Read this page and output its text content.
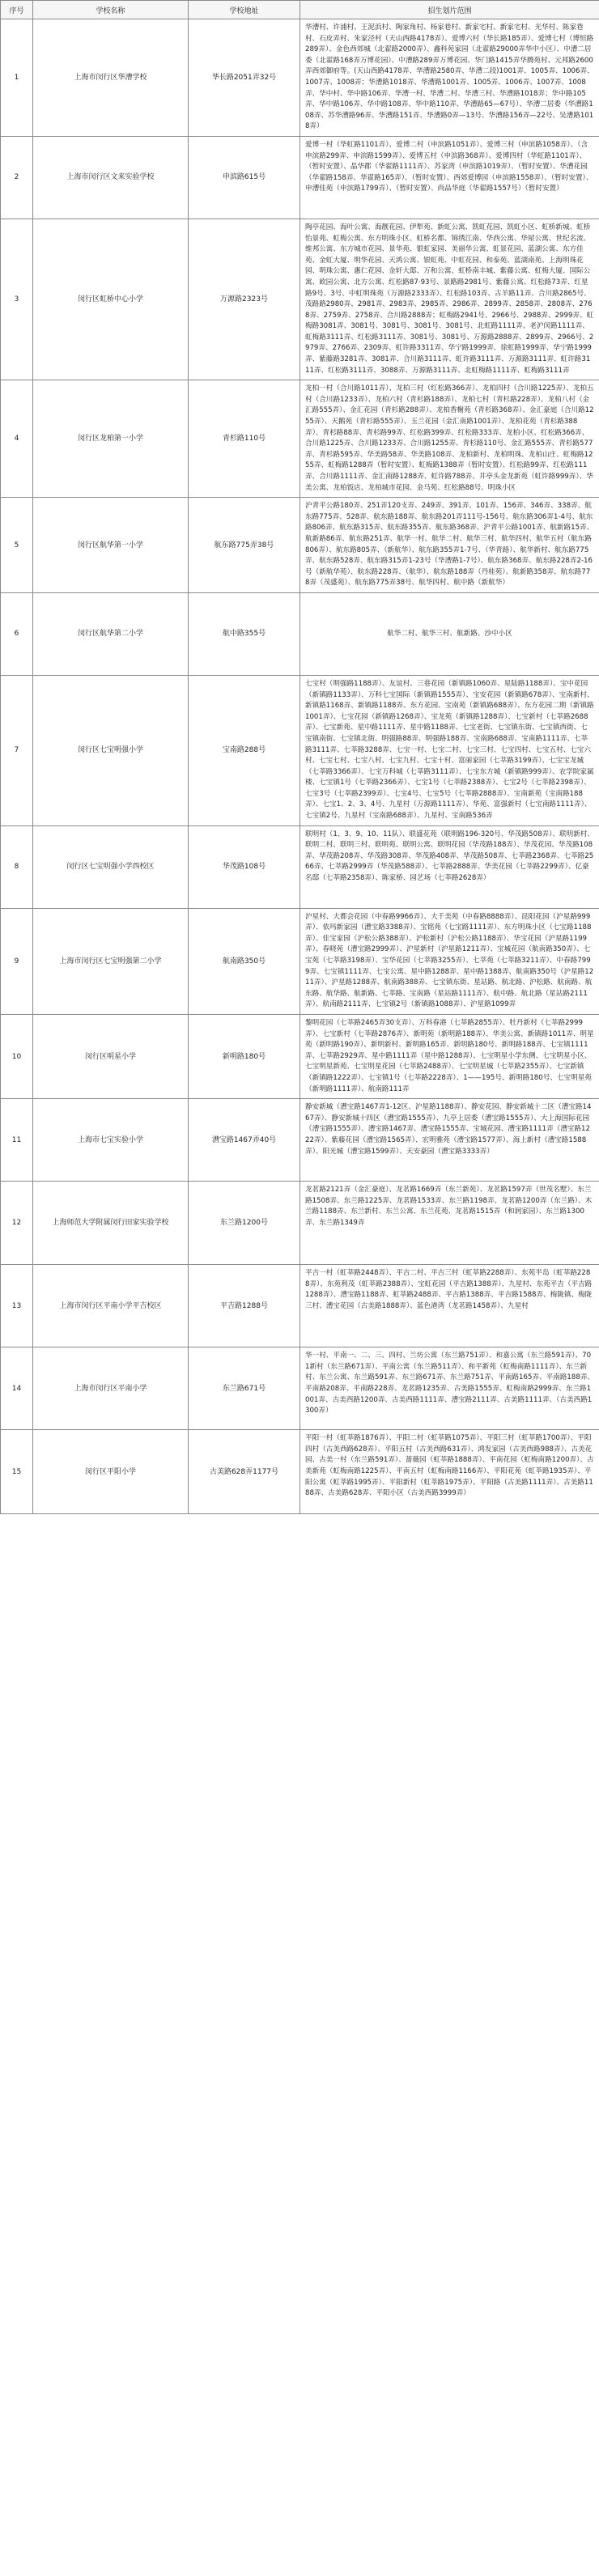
序号	学校名称	学校地址	招生划片范围

1	上海市闵行区华漕学校	华长路2051弄32号	华漕村、许浦村、王泥浜村、陶家角村、杨家巷村、新家宅村、新家宅村、光华村、陈家巷村、石皮弄村、朱家泾村（天山西路4178弄）、爱博六村（华长路185弄）、爱博七村（博恒路289弄）、金色西郊城（北翟路2000弄）、鑫科苑家园（北翟路29000弄华中小区）、中漕二居委（北翟路168弄万博花园）、中漕路289弄万博花园、华门路1415弄华腾苑村、元邦路2600弄西郊御府等。(天山西路4178弄、华漕路2580弄、华漕二段)1001弄、1005弄、1006弄、1007弄、1008弄；华漕路1018弄、华漕路1001弄、1005弄、1006弄、1007弄、1008弄、华中村、华中路106弄、华漕一村、华漕二村、华漕三村、华漕路1018弄；华中路105弄、华中路106弄、华中路108弄、华中路110弄、华漕路65—67号）、华漕二居委（华漕路108弄、苏华漕路96弄、华漕路151弄、华漕路0弄—13号、华漕路156弄—22号、吴漕路1018弄）

2	上海市闵行区文来实验学校	申滨路615号	爱博一村（华虹路1101弄）、爱博二村（申滨路1051弄）、爱博三村（申滨路1058弄）、（含申滨路299弄、申滨路1599弄）、爱博五村（申滨路368弄）、爱博四村（华虹路1101弄）、（暂时安置）、晶华郡（华翟路1111弄）、苏家湾（申滨路1019弄）、（暂时安置）、华漕花园（华翟路158弄、华翟路165弄）、（暂时安置）、西郊爱博园（申滨路1558弄）、（暂时安置）、申漕佳苑（申滨路1799弄）、（暂时安置）、尚品华庭（华翟路1557号）（暂时安置）

3	闵行区虹桥中心小学	万源路2323号	陶亭花园、海叶公寓、海靓花园、伊犁苑、新虹公寓、凯虹花园、凯虹小区、虹桥新城、虹桥怡景苑、虹梅公寓、东方明珠小区、虹桥名都、锦绣江南、华西公寓、华屋公寓、世纪名流、维邦公寓、东方城市花园、景华苑、银虹家园、美丽华公寓、虹景花园、蓝湖公寓、东方佳苑、金虹大厦、明华花园、天鸿公寓、银虹苑、中虹花园、和泰苑、蓝湖南苑、上海明珠花园、明珠公寓、惠仁花园、金轩大邸、万和公寓、虹桥南丰城、紫藤公寓、虹梅大厦、国际公寓、欧园公寓、北方公寓、红松路87·93号、景路路2981号、紫藤公寓、红松路73弄、红星路9号、3号、中虹明珠苑（万源路2333弄）、红松路103弄、古羊路11弄、合川路2865号、茂路路2980弄、2981弄、2983弄、2985弄、2986弄、2899弄、2858弄、2808弄、2768弄、2759弄、2758弄、合川路2888弄；虹梅路2941号、2966号、2988弄、2999弄、虹梅路3081弄、3081号、3081号、3081号、3081号、北虹路1111弄、老沪闵路1111弄、虹梅路3111弄、红松路3111弄、3081号、3081号、万源路2888弄、2899弄、2966号、2979弄、2766弄、2309弄、虹许路3311弄、华宁路1999弄、徐虹路1999弄、华宁路1999弄、紫藤路3281弄、3081弄、合川路3111弄、虹许路3111弄、万源路3111弄、虹许路3111弄、红松路3111弄、3088弄、万源路3111弄、北虹梅路1111弄、虹梅路3111弄

4	闵行区龙柏第一小学	青杉路110号	龙柏一村（合川路1011弄）、龙柏三村（红松路366弄）、龙柏四村（合川路1225弄）、龙柏五村（合川路1233弄）、龙柏六村（青杉路188弄）、龙柏七村（青杉路228弄）、龙柏八村（金汇路555弄）、金汇花园（青杉路288弄）、龙柏香榭苑（青杉路368弄）、金汇豪庭（合川路1255弄）、天鹅苑（青杉路555弄）、玉兰花园（金汇南路1001弄）、龙柏花苑（青杉路388弄）、青杉路88弄、青杉路99弄、红松路399弄、红松路333弄、龙柏小区、红松路366弄、合川路1225弄、合川路1233弄、合川路1255弄、青杉路110号、金汇路555弄、青杉路577弄、青杉路595弄、华美路58弄、华美路108弄、龙柏新村、龙柏明珠、龙柏山庄、虹梅路1255弄、虹梅路1288弄（暂时安置）、虹梅路1388弄（暂时安置）、红松路99弄、红松路111弄、合川路1111弄、金汇南路1288弄、虹许路788弄、井亭头金龙新苑（虹许路999弄）、华美公寓、龙柏饭店、龙柏城市花园、金马苑、红松路88号、明珠小区

5	闵行区航华第一小学	航东路775弄38号	沪青平公路180弄、251弄120支弄、249弄、391弄、101弄、156弄、346弄、338弄、航东路775弄、528弄、航东路188弄、航东路201弄111号-156号、航东路306弄1-4号、航东路806弄、航东路315弄、航东路355弄、航东路368弄、沪青平公路1001弄、航新路15弄、航新路86弄、航东路251弄、航华一村、航华二村、航华三村、航华四村、航华五村（航东路806弄）、航东路805弄、（新航华）、航东路355弄1-7号、（华青路）、航华新村、航东路775弄、航东路528弄、航东路315弄1-23号（华漕路1-7号）、航东路368弄、航东路228弄2-16号（新航华苑）、航东路228弄、（航华）、航东路188弄（丹桂苑）、航新路358弄、航东路778弄（茂盛苑）、航东路775弄38号、航华四村、航中路（新航华）

6	闵行区航华第二小学	航中路355号	航华二村、航华三村、航新路、沙中小区

7	闵行区七宝明强小学	宝南路288号	七宝村（明强路1188弄）、友谊村、三巷花园（新镇路1060弄、星陆路1188弄）、宝中花园（新镇路1133弄）、万科七宝国际（新镇路1555弄）、宝安花园（新镇路678弄）、宝南新村、新镇路1168弄、新镇路1188弄、东方花园、宝南苑（新镇路688弄）、东方花园二期（新镇路1001弄）、七宝花园（新镇路1268弄）、宝龙苑（新镇路1288弄）、七宝新村（七莘路2688弄）、七宝新苑、星中路1111弄、星中路1188弄、七宝老街、七宝镇东街、七宝镇西街、七宝镇南街、七宝镇北街、明强路88弄、明强路188弄、宝南路688弄、宝南路1111弄、七莘路3111弄、七莘路3288弄、七宝一村、七宝二村、七宝三村、七宝四村、七宝五村、七宝六村、七宝七村、七宝八村、七宝九村、七宝十村、富丽家园（七莘路3199弄）、七宝宝龙城（七莘路3366弄）、七宝万科城（七莘路3111弄）、七宝东方城（新镇路999弄）、农学院家属楼、七宝镇1号（七莘路2366弄）、七宝1号（七莘路2388弄）、七宝2号（七莘路2398弄）、七宝3号（七莘路2399弄）、七宝4号、七宝5号（七莘路2888弄）、宝南新苑（宝南路188弄）、七宝1、2、3、4号、九星村（万源路1111弄）、华苑、富强新村（七宝南路1111弄）、七宝镇2号、九星村（宝南路688弄）、九星村、宝南路536弄

8	闵行区七宝明强小学西校区	华茂路108号	联明村（1、3、9、10、11队）、联盛花苑（联明路196-320号、华茂路508弄）、联明新村、联明二村、联明三村、联明苑、联明公寓、联明花园（华茂路188弄）、华茂花园、华茂路108弄、华茂路208弄、华茂路308弄、华茂路408弄、华茂路508弄、七莘路2368弄、七莘路2566弄、七莘路2999弄（华茂路588弄）、七莘路2888弄、华美花园（七莘路2299弄）、亿豪名邸（七莘路2358弄）、陈家桥、园艺场（七莘路2628弄）

9	上海市闵行区七宝明强第二小学	航南路350号	沪星村、大都会花园（中春路9966弄）、大千美苑（中春路8888弄）、昆阳花园（沪星路999弄）、依玛新家园（漕宝路3388弄）、宝铭苑（七宝路1111弄）、东方明珠小区（七宝路1188弄）、佳宝家园（沪松公路388弄）、沪松新村（沪松公路1188弄）、华宝花园（沪星路1199弄）、春晓苑（漕宝路2999弄）、沪星新村（沪星路1211弄）、宝城花园（航南路350弄）、七宝苑（七莘路3198弄）、宝华花园（七莘路3255弄）、七莘苑（七莘路3211弄）、中春路7999弄、七宝镇1111弄、七宝公寓、星中路1288弄、星中路1388弄、航南路350号（沪星路1211弄）、沪星路1288弄、航南路388弄、七宝镇东街、星站路、航北路、沪松路、航南路、航东路、航华路、航新路、七莘路、宝南路（星站路1111弄）、航中路、航北路（星站路2111弄）、航南路2111弄、七宝镇2号（新镇路1088弄）、沪星路1099弄

10	闵行区明星小学	新明路180号	黎明花园（七莘路2465弄30支弄）、万科春港（七莘路2855弄）、牡丹新村（七莘路2999弄）、七宝新村（七莘路2876弄）、新明苑（新明路188弄）、华美公寓、新镇路1011弄、明星苑（新明路190弄）、新明新村、新明路165弄、新明路180号、新明路188弄、七宝镇1111弄、七莘路2929弄、星中路1111弄（星中路1288弄）、七宝明星小学东侧、七宝明星小区、七宝明星新苑、七宝明星花园（七莘路2488弄）、七宝明星城（七莘路2355弄）、七宝新镇（新镇路1222弄）、七宝镇1号（七莘路2228弄）、1——195号、新明路180号、七宝明星苑（新明路1111弄）、航南路111弄

11	上海市七宝实验小学	漕宝路1467弄40号	静安新城（漕宝路1467弄1-12区、沪星路1188弄）、静安花园、静安新城十二区（漕宝路1467弄）、静安新城十四区（漕宝路1555弄）、九亭上居委（漕宝路1555弄）、大上海国际花园（漕宝路1555弄）、漕宝路1467弄、漕宝路1555弄、宝城花园、漕宝路1111弄（漕宝路1222弄）、紫藤花园（漕宝路1565弄）、宏明雅苑（漕宝路1577弄）、海上新村（漕宝路1588弄）、阳光城（漕宝路1599弄）、天安豪园（漕宝路3333弄）

12	上海师范大学附属闵行田家实验学校	东兰路1200号	龙茗路2121弄（金汇豪庭）、龙茗路1669弄（东兰新苑）、龙茗路1597弄（世茂名墅）、东兰路1508弄、东兰路1225弄、龙茗路1533弄、东兰路1198弄、龙茗路1200弄（东兰路）、木兰路1188弄、东兰新村、东兰公寓、东兰花苑、龙茗路1515弄（和润家园）、东兰路1300弄、东兰路1349弄

13	上海市闵行区平南小学平吉校区	平吉路1288号	平吉一村（虹莘路2448弄）、平吉二村、平吉三村（虹莘路2288弄）、东苑半岛（虹莘路2288弄）、东苑利茂（虹莘路2388弄）、宝虹花园（平吉路1388弄）、九星村、东苑平吉（平吉路1288弄）、漕宝路1188弄、虹莘路2488弄、平吉路1388弄、平吉路1588弄、梅陇镇、梅陇三村、漕宝花园（古美路1888弄）、蓝色港湾（龙茗路1458弄）、九星村

14	上海市闵行区平南小学	东兰路671号	华一村、平南一、二、三、四村、兰坊公寓（东兰路751弄）、和嘉公寓（东兰路591弄）、701新村（东兰路671弄）、平南公寓（东兰路511弄）、和平新苑（虹梅南路1111弄）、东兰新村、东兰公寓、东兰路591弄、东兰路671弄、东兰路751弄、平南路165弄、平南路188弄、平南路208弄、平南路228弄、龙茗路1235弄、古美路1555弄、虹梅南路2999弄、东兰路1001弄、古美西路1200弄、古美西路1111弄、漕宝路2111弄、古美路1111弄、（古美西路1300弄）

15	闵行区平阳小学	古美路628弄1177号	平阳一村（虹莘路1876弄）、平阳二村（虹莘路1075弄）、平阳三村（虹莘路1700弄）、平阳四村（古美西路628弄）、平阳五村（古美西路631弄）、鸿发家园（古美西路988弄）、古美花园、古美一村（东兰路591弄）、蔷薇园（虹莘路1888弄）、平南花园（虹梅南路1200弄）、古美新苑（虹梅南路1225弄）、平南五村（虹梅南路1166弄）、平阳花苑（虹莘路1935弄）、平阳公寓（虹莘路1995弄）、平阳新村（虹莘路1975弄）、平阳路（古美路1111弄）、古美路1188弄、古美路628弄、平阳小区（古美西路3999弄）
